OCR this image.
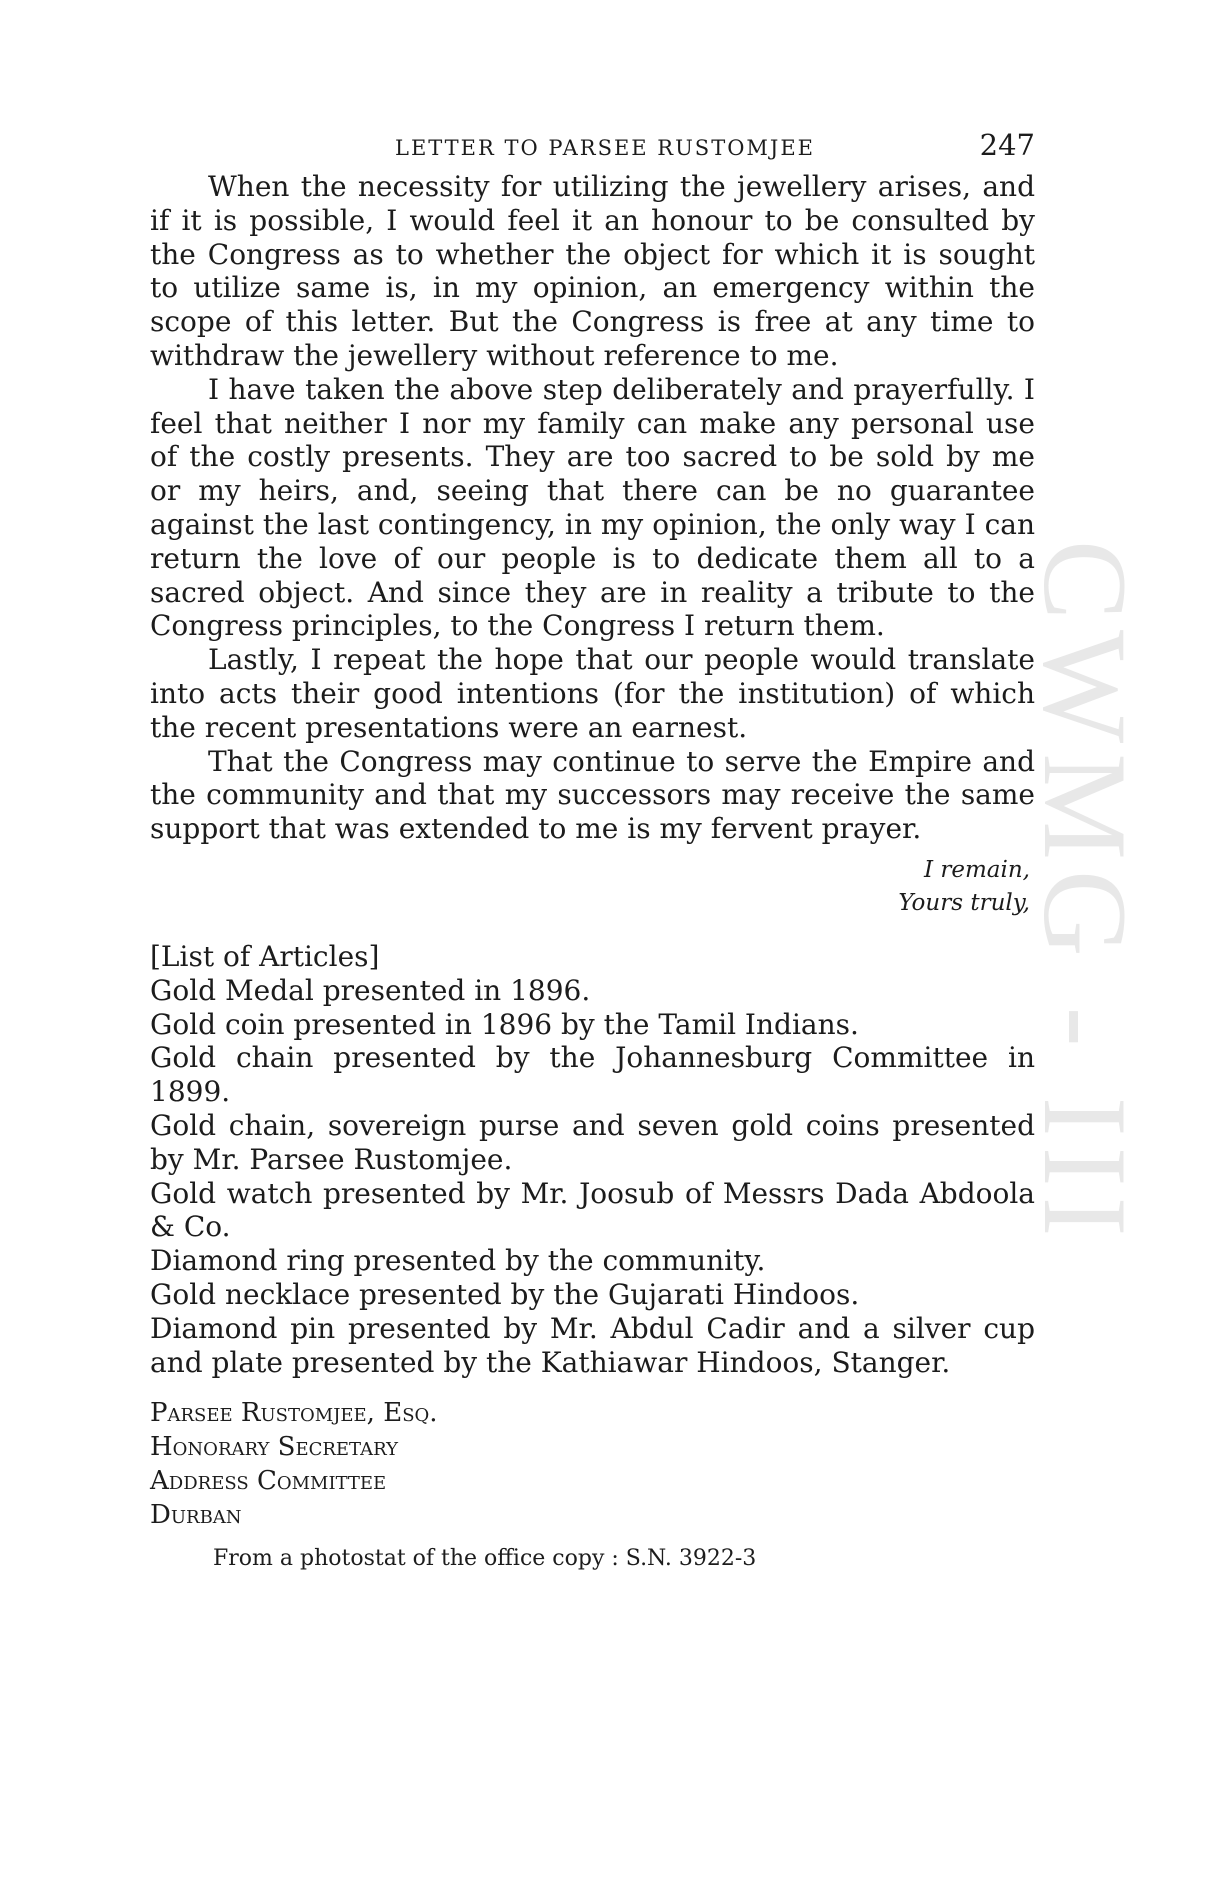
CWMG - III
LETTER TO PARSEE RUSTOMJEE	247

When the necessity for utilizing the jewellery arises, and if it is possible, I would feel it an honour to be consulted by the Congress as to whether the object for which it is sought to utilize same is, in my opinion, an emergency within the scope of this letter. But the Congress is free at any time to withdraw the jewellery without reference to me.

I have taken the above step deliberately and prayerfully. I feel that neither I nor my family can make any personal use of the costly presents. They are too sacred to be sold by me or my heirs, and, seeing that there can be no guarantee against the last contingency, in my opinion, the only way I can return the love of our people is to dedicate them all to a sacred object. And since they are in reality a tribute to the Congress principles, to the Congress I return them.

Lastly, I repeat the hope that our people would translate into acts their good intentions (for the institution) of which the recent presentations were an earnest.

That the Congress may continue to serve the Empire and the community and that my successors may receive the same support that was extended to me is my fervent prayer.

I remain,
Yours truly,
[List of Articles]
Gold Medal presented in 1896.
Gold coin presented in 1896 by the Tamil Indians.
Gold chain presented by the Johannesburg Committee in 1899.
Gold chain, sovereign purse and seven gold coins presented by Mr. Parsee Rustomjee.
Gold watch presented by Mr. Joosub of Messrs Dada Abdoola & Co.
Diamond ring presented by the community.
Gold necklace presented by the Gujarati Hindoos.
Diamond pin presented by Mr. Abdul Cadir and a silver cup and plate presented by the Kathiawar Hindoos, Stanger.
Parsee Rustomjee, Esq.
Honorary Secretary
Address Committee
Durban
From a photostat of the office copy : S.N. 3922-3
